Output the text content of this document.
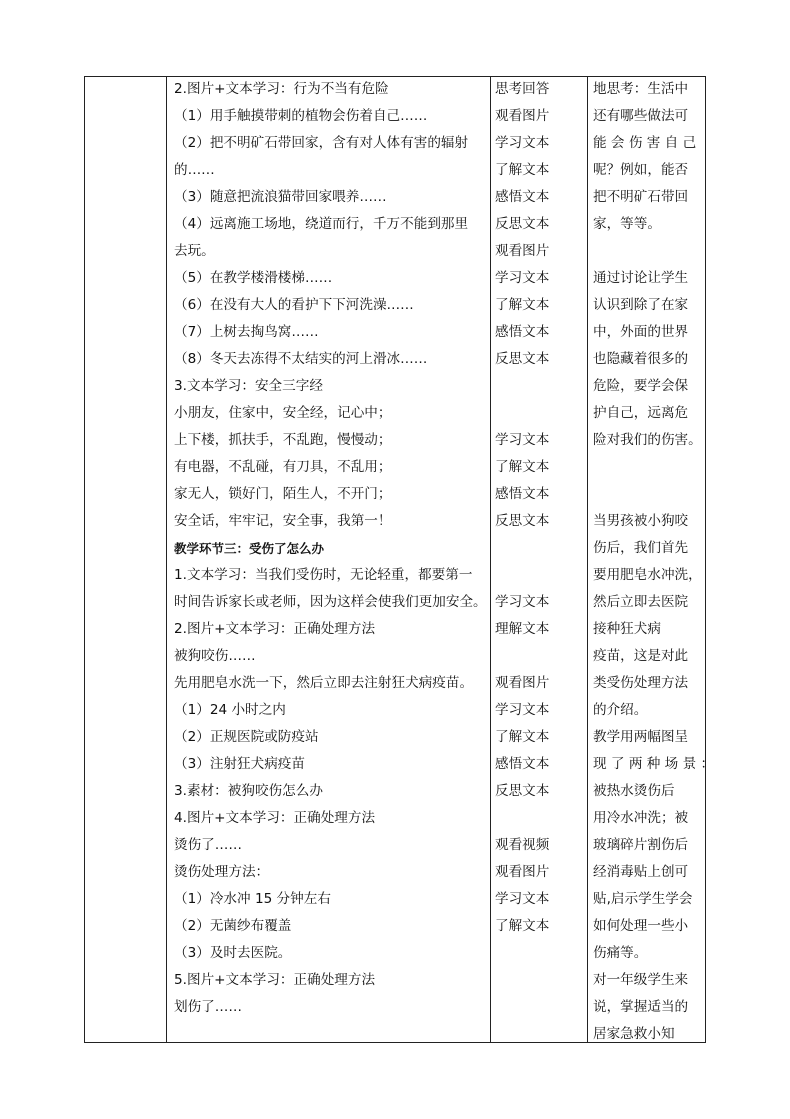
2.图片+文本学习：行为不当有危险
（1）用手触摸带刺的植物会伤着自己……
（2）把不明矿石带回家，含有对人体有害的辐射
的……
（3）随意把流浪猫带回家喂养……
（4）远离施工场地，绕道而行，千万不能到那里
去玩。
（5）在教学楼滑楼梯……
（6）在没有大人的看护下下河洗澡……
（7）上树去掏鸟窝……
（8）冬天去冻得不太结实的河上滑冰……
3.文本学习：安全三字经
小朋友，住家中，安全经，记心中；
上下楼，抓扶手，不乱跑，慢慢动；
有电器，不乱碰，有刀具，不乱用；
家无人，锁好门，陌生人，不开门；
安全话，牢牢记，安全事，我第一！
教学环节三：受伤了怎么办
1.文本学习：当我们受伤时，无论轻重，都要第一
时间告诉家长或老师，因为这样会使我们更加安全。
2.图片+文本学习：正确处理方法
被狗咬伤……
先用肥皂水洗一下，然后立即去注射狂犬病疫苗。
（1）24 小时之内
（2）正规医院或防疫站
（3）注射狂犬病疫苗
3.素材：被狗咬伤怎么办
4.图片+文本学习：正确处理方法
烫伤了……
烫伤处理方法：
（1）冷水冲 15 分钟左右
（2）无菌纱布覆盖
（3）及时去医院。
5.图片+文本学习：正确处理方法
划伤了……
思考回答
观看图片
学习文本
了解文本
感悟文本
反思文本
观看图片
学习文本
了解文本
感悟文本
反思文本
学习文本
了解文本
感悟文本
反思文本
学习文本
理解文本
观看图片
学习文本
了解文本
感悟文本
反思文本
观看视频
观看图片
学习文本
了解文本
地思考：生活中
还有哪些做法可
能 会 伤 害 自 己
呢？例如，能否
把不明矿石带回
家，等等。
通过讨论让学生
认识到除了在家
中，外面的世界
也隐藏着很多的
危险，要学会保
护自己，远离危
险对我们的伤害。
当男孩被小狗咬
伤后，我们首先
要用肥皂水冲洗，
然后立即去医院
接种狂犬病
疫苗，这是对此
类受伤处理方法
的介绍。
教学用两幅图呈
现 了 两 种 场 景 ：
被热水烫伤后
用冷水冲洗；被
玻璃碎片割伤后
经消毒贴上创可
贴,启示学生学会
如何处理一些小
伤痛等。
对一年级学生来
说，掌握适当的
居家急救小知
